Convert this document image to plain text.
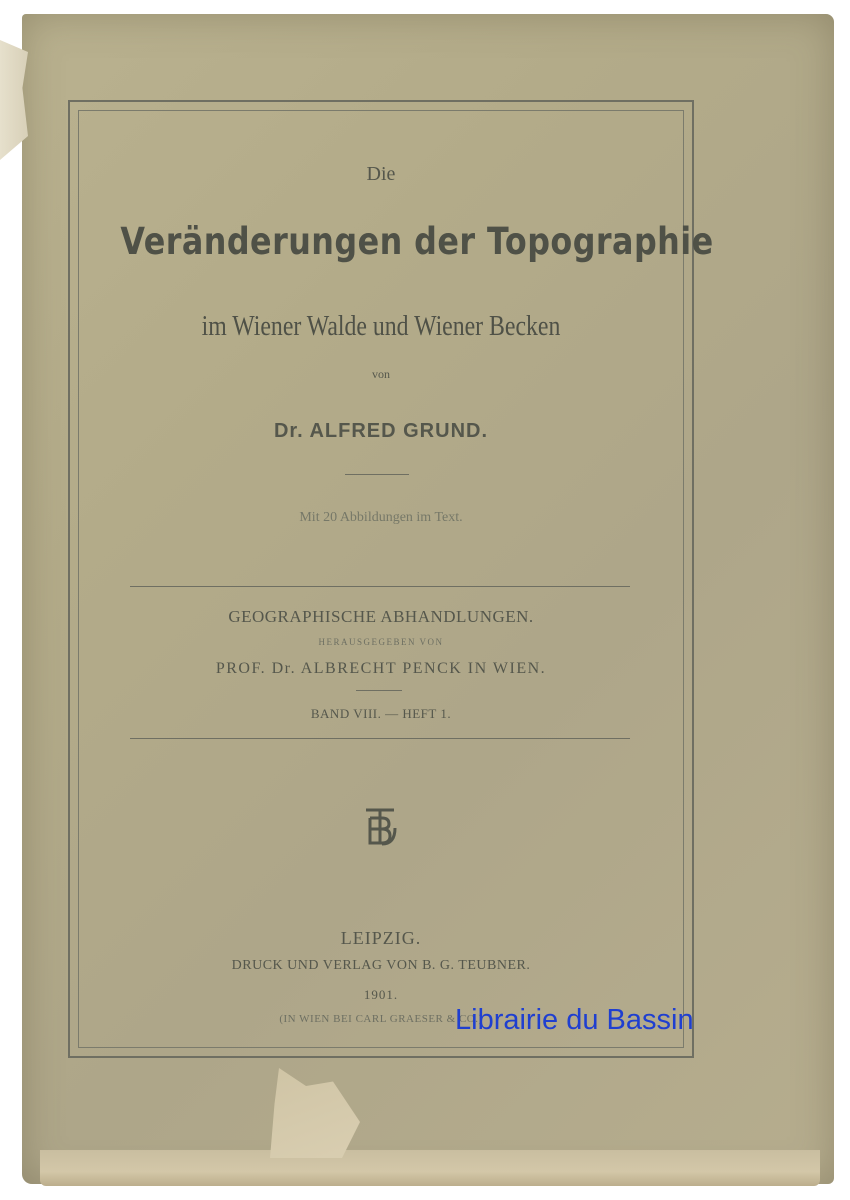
Die
Veränderungen der Topographie
im Wiener Walde und Wiener Becken
von
Dr. ALFRED GRUND.
Mit 20 Abbildungen im Text.
GEOGRAPHISCHE ABHANDLUNGEN.
HERAUSGEGEBEN VON
PROF. Dr. ALBRECHT PENCK IN WIEN.
BAND VIII. — HEFT 1.
LEIPZIG.
DRUCK UND VERLAG VON B. G. TEUBNER.
1901.
(IN WIEN BEI CARL GRAESER & CO.)
Librairie du Bassin
